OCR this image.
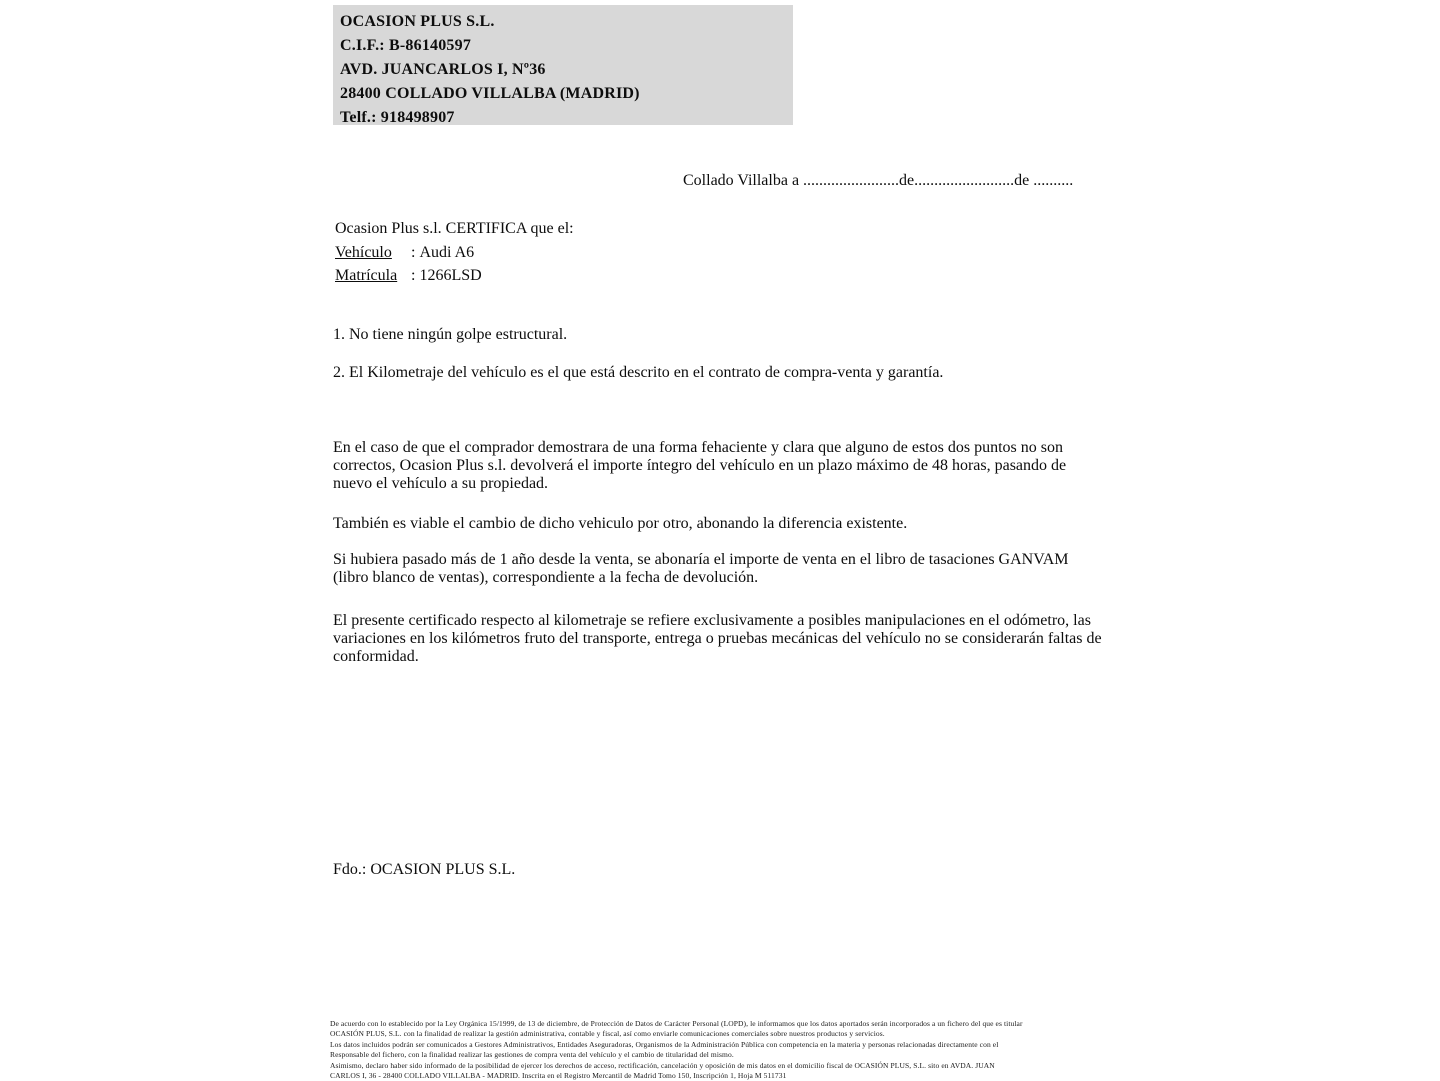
OCASION PLUS S.L.
C.I.F.: B-86140597
AVD. JUANCARLOS I, Nº36
28400 COLLADO VILLALBA (MADRID)
Telf.: 918498907
Collado Villalba a ........................de.........................de ..........
Ocasion Plus s.l. CERTIFICA que el:
Vehículo : Audi A6
Matrícula : 1266LSD
1. No tiene ningún golpe estructural.
2. El Kilometraje del vehículo es el que está descrito en el contrato de compra-venta y garantía.
En el caso de que el comprador demostrara de una forma fehaciente y clara que alguno de estos dos puntos no son correctos, Ocasion Plus s.l. devolverá el importe íntegro del vehículo en un plazo máximo de 48 horas, pasando de nuevo el vehículo a su propiedad.
También es viable el cambio de dicho vehiculo por otro, abonando la diferencia existente.
Si hubiera pasado más de 1 año desde la venta, se abonaría el importe de venta en el libro de tasaciones GANVAM (libro blanco de ventas), correspondiente a la fecha de devolución.
El presente certificado respecto al kilometraje se refiere exclusivamente a posibles manipulaciones en el odómetro, las variaciones en los kilómetros fruto del transporte, entrega o pruebas mecánicas del vehículo no se considerarán faltas de conformidad.
Fdo.: OCASION PLUS S.L.
De acuerdo con lo establecido por la Ley Orgánica 15/1999, de 13 de diciembre, de Protección de Datos de Carácter Personal (LOPD), le informamos que los datos aportados serán incorporados a un fichero del que es titular
OCASIÓN PLUS, S.L. con la finalidad de realizar la gestión administrativa, contable y fiscal, así como enviarle comunicaciones comerciales sobre nuestros productos y servicios.
Los datos incluidos podrán ser comunicados a Gestores Administrativos, Entidades Aseguradoras, Organismos de la Administración Pública con competencia en la materia y personas relacionadas directamente con el
Responsable del fichero, con la finalidad realizar las gestiones de compra venta del vehículo y el cambio de titularidad del mismo.
Asimismo, declaro haber sido informado de la posibilidad de ejercer los derechos de acceso, rectificación, cancelación y oposición de mis datos en el domicilio fiscal de OCASIÓN PLUS, S.L. sito en AVDA. JUAN
CARLOS I, 36 - 28400 COLLADO VILLALBA - MADRID. Inscrita en el Registro Mercantil de Madrid Tomo 150, Inscripción 1, Hoja M 511731
